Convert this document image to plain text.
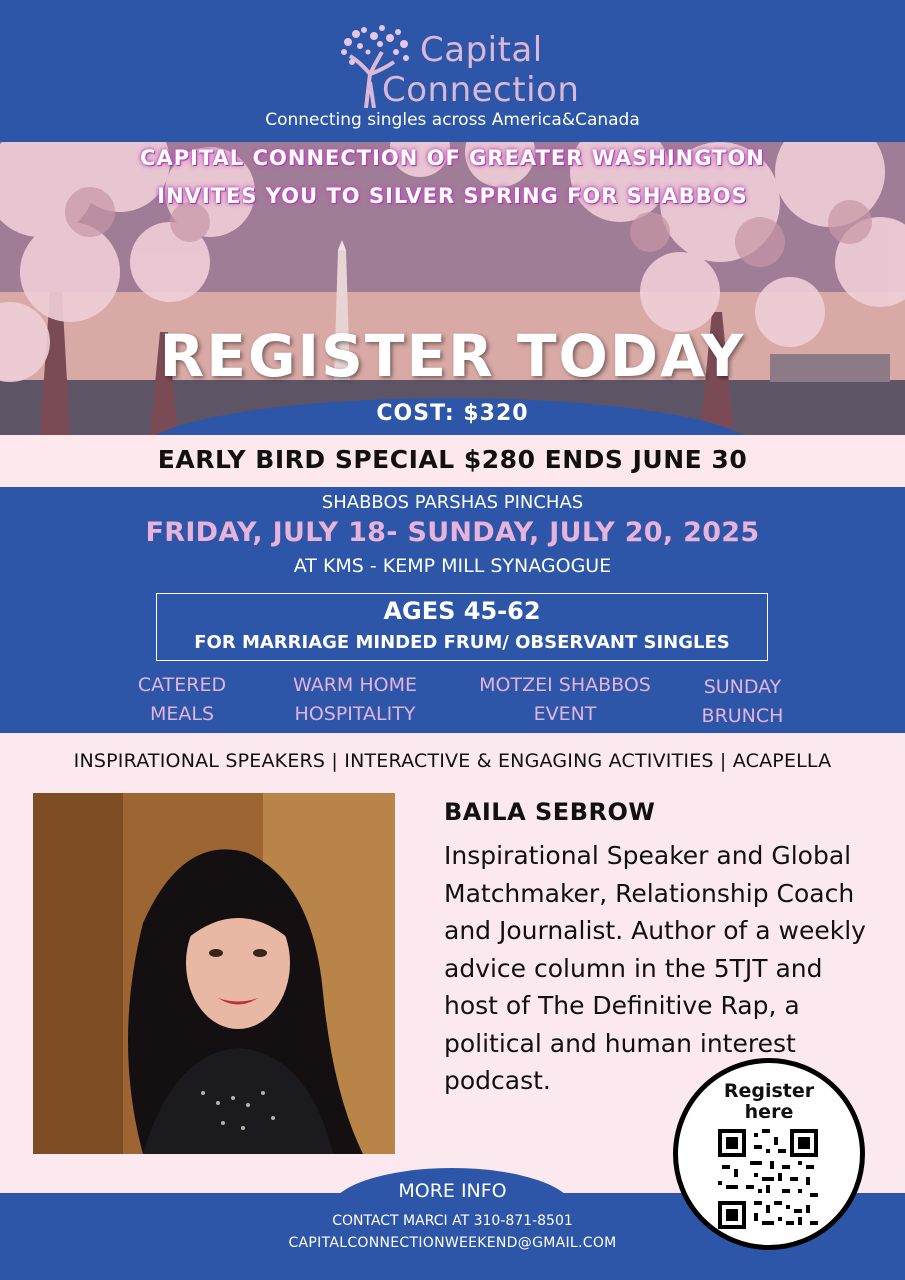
Capital
Connection
Connecting singles across America&Canada
CAPITAL CONNECTION OF GREATER WASHINGTON
INVITES YOU TO SILVER SPRING FOR SHABBOS
REGISTER TODAY
COST: $320
EARLY BIRD SPECIAL $280 ENDS JUNE 30
SHABBOS PARSHAS PINCHAS
FRIDAY, JULY 18- SUNDAY, JULY 20, 2025
AT KMS - KEMP MILL SYNAGOGUE
AGES 45-62
FOR MARRIAGE MINDED FRUM/ OBSERVANT SINGLES
CATERED
MEALS
WARM HOME
HOSPITALITY
MOTZEI SHABBOS
EVENT
SUNDAY
BRUNCH
INSPIRATIONAL SPEAKERS | INTERACTIVE & ENGAGING ACTIVITIES | ACAPELLA
BAILA SEBROW
Inspirational Speaker and Global Matchmaker, Relationship Coach and Journalist. Author of a weekly advice column in the 5TJT and host of The Definitive Rap, a political and human interest podcast.
MORE INFO
CONTACT MARCI AT 310-871-8501
CAPITALCONNECTIONWEEKEND@GMAIL.COM
Register
here
